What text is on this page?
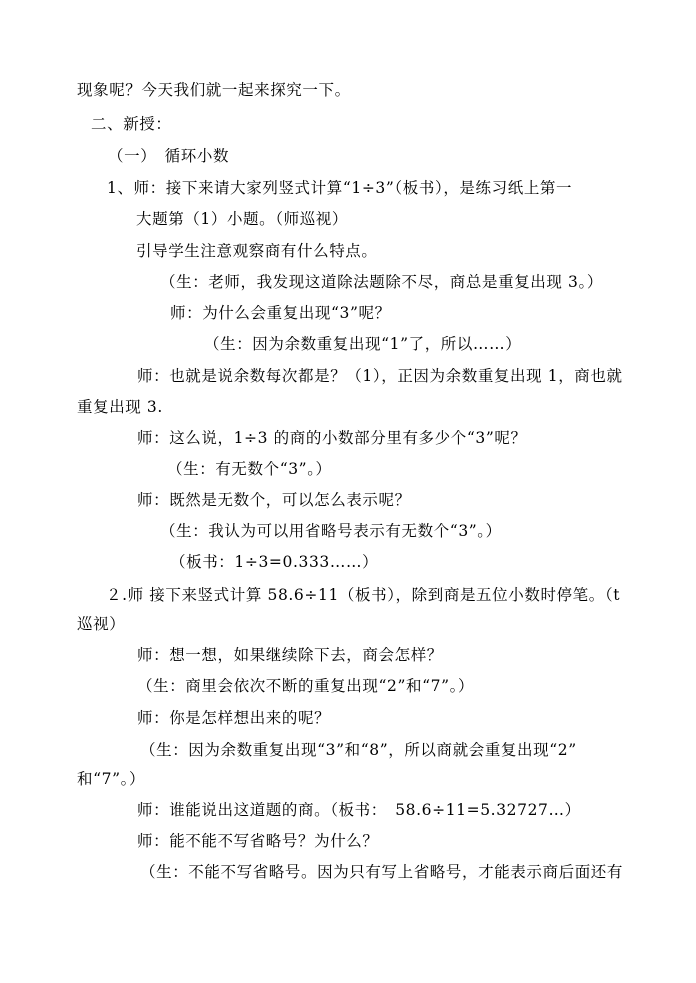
现象呢？今天我们就一起来探究一下。
二、新授：
（一）　循环小数
1、师：接下来请大家列竖式计算“1÷3”（板书），是练习纸上第一
大题第（1）小题。（师巡视）
引导学生注意观察商有什么特点。
（生：老师，我发现这道除法题除不尽，商总是重复出现 3。）
师：为什么会重复出现“3”呢？
（生：因为余数重复出现“1”了，所以……）
师：也就是说余数每次都是？（1），正因为余数重复出现 1，商也就
重复出现 3.
师：这么说，1÷3 的商的小数部分里有多少个“3”呢？
（生：有无数个“3”。）
师：既然是无数个，可以怎么表示呢？
（生：我认为可以用省略号表示有无数个“3”。）
（板书：1÷3=0.333……）
２.师 接下来竖式计算 58.6÷11（板书），除到商是五位小数时停笔。（t
巡视）
师：想一想，如果继续除下去，商会怎样？
（生：商里会依次不断的重复出现“2”和“7”。）
师：你是怎样想出来的呢？
（生：因为余数重复出现“3”和“8”，所以商就会重复出现“2”
和“7”。）
师：谁能说出这道题的商。（板书：　58.6÷11=5.32727…）
师：能不能不写省略号？为什么？
（生：不能不写省略号。因为只有写上省略号，才能表示商后面还有
